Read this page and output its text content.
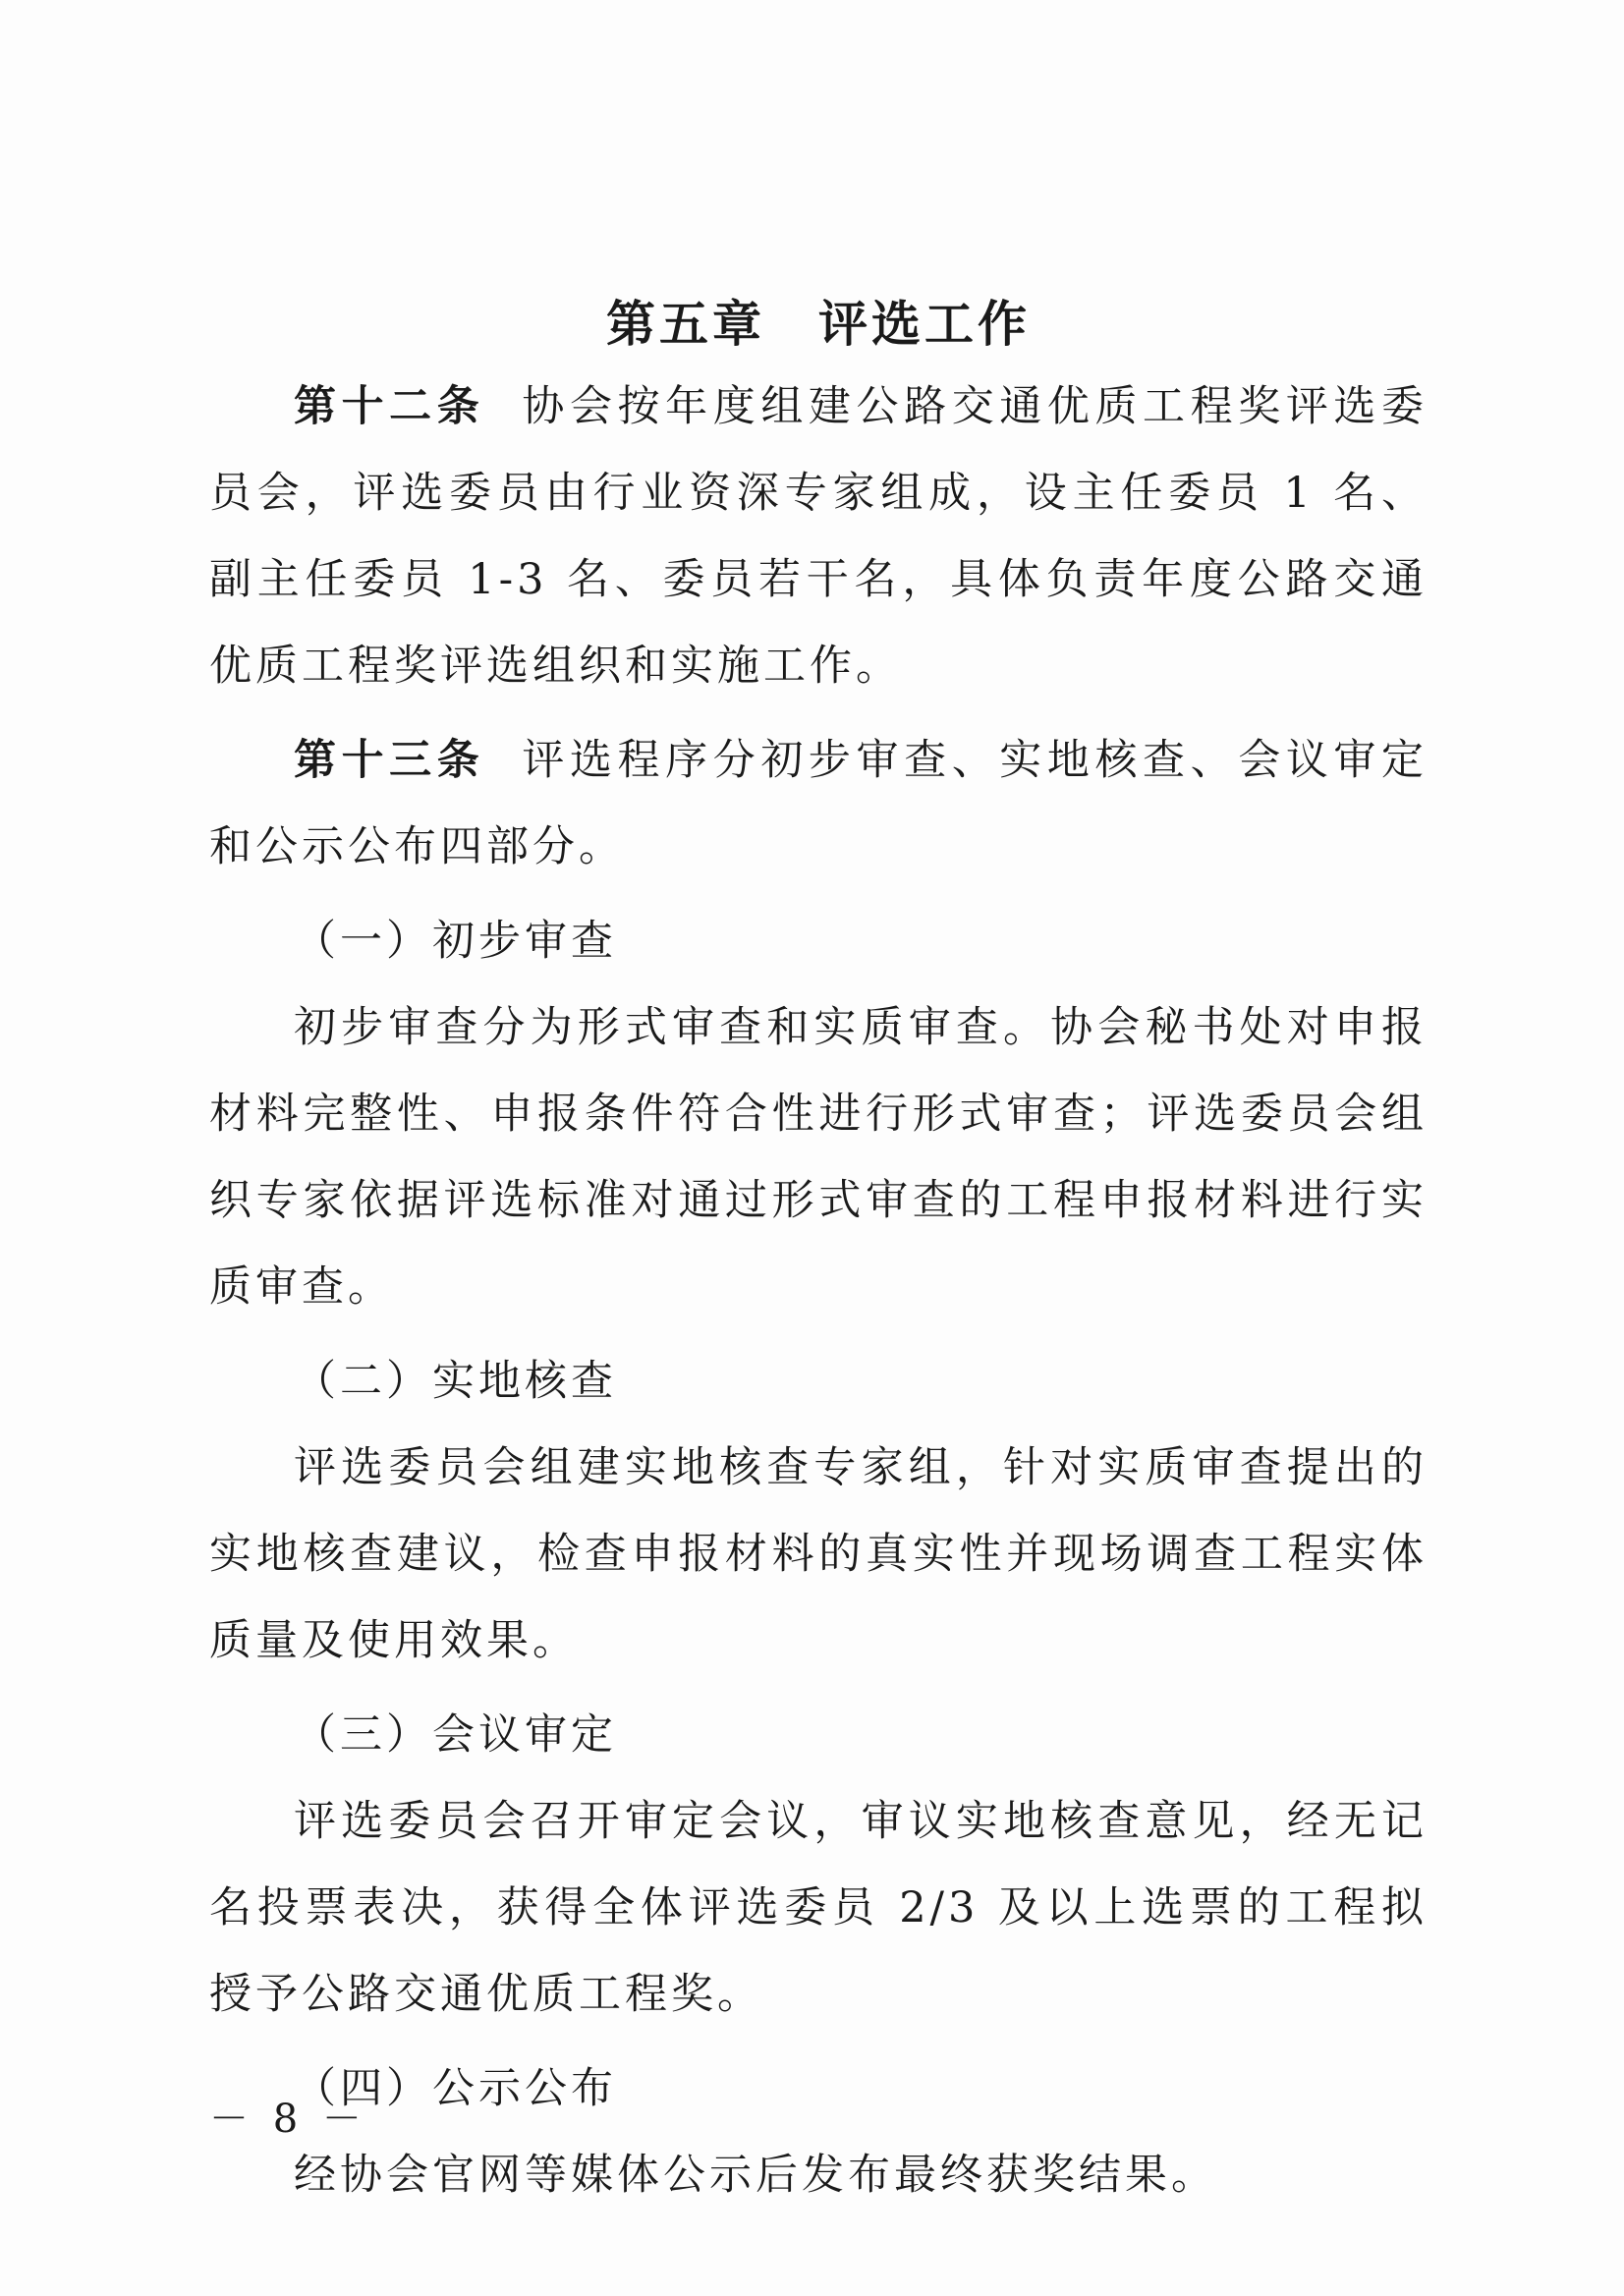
第五章　评选工作

第十二条 协会按年度组建公路交通优质工程奖评选委员会，评选委员由行业资深专家组成，设主任委员 1 名、副主任委员 1-3 名、委员若干名，具体负责年度公路交通优质工程奖评选组织和实施工作。

第十三条 评选程序分初步审查、实地核查、会议审定和公示公布四部分。

（一）初步审查

初步审查分为形式审查和实质审查。协会秘书处对申报材料完整性、申报条件符合性进行形式审查；评选委员会组织专家依据评选标准对通过形式审查的工程申报材料进行实质审查。

（二）实地核查

评选委员会组建实地核查专家组，针对实质审查提出的实地核查建议，检查申报材料的真实性并现场调查工程实体质量及使用效果。

（三）会议审定

评选委员会召开审定会议，审议实地核查意见，经无记名投票表决，获得全体评选委员 2/3 及以上选票的工程拟授予公路交通优质工程奖。

（四）公示公布

经协会官网等媒体公示后发布最终获奖结果。

－ 8 －
